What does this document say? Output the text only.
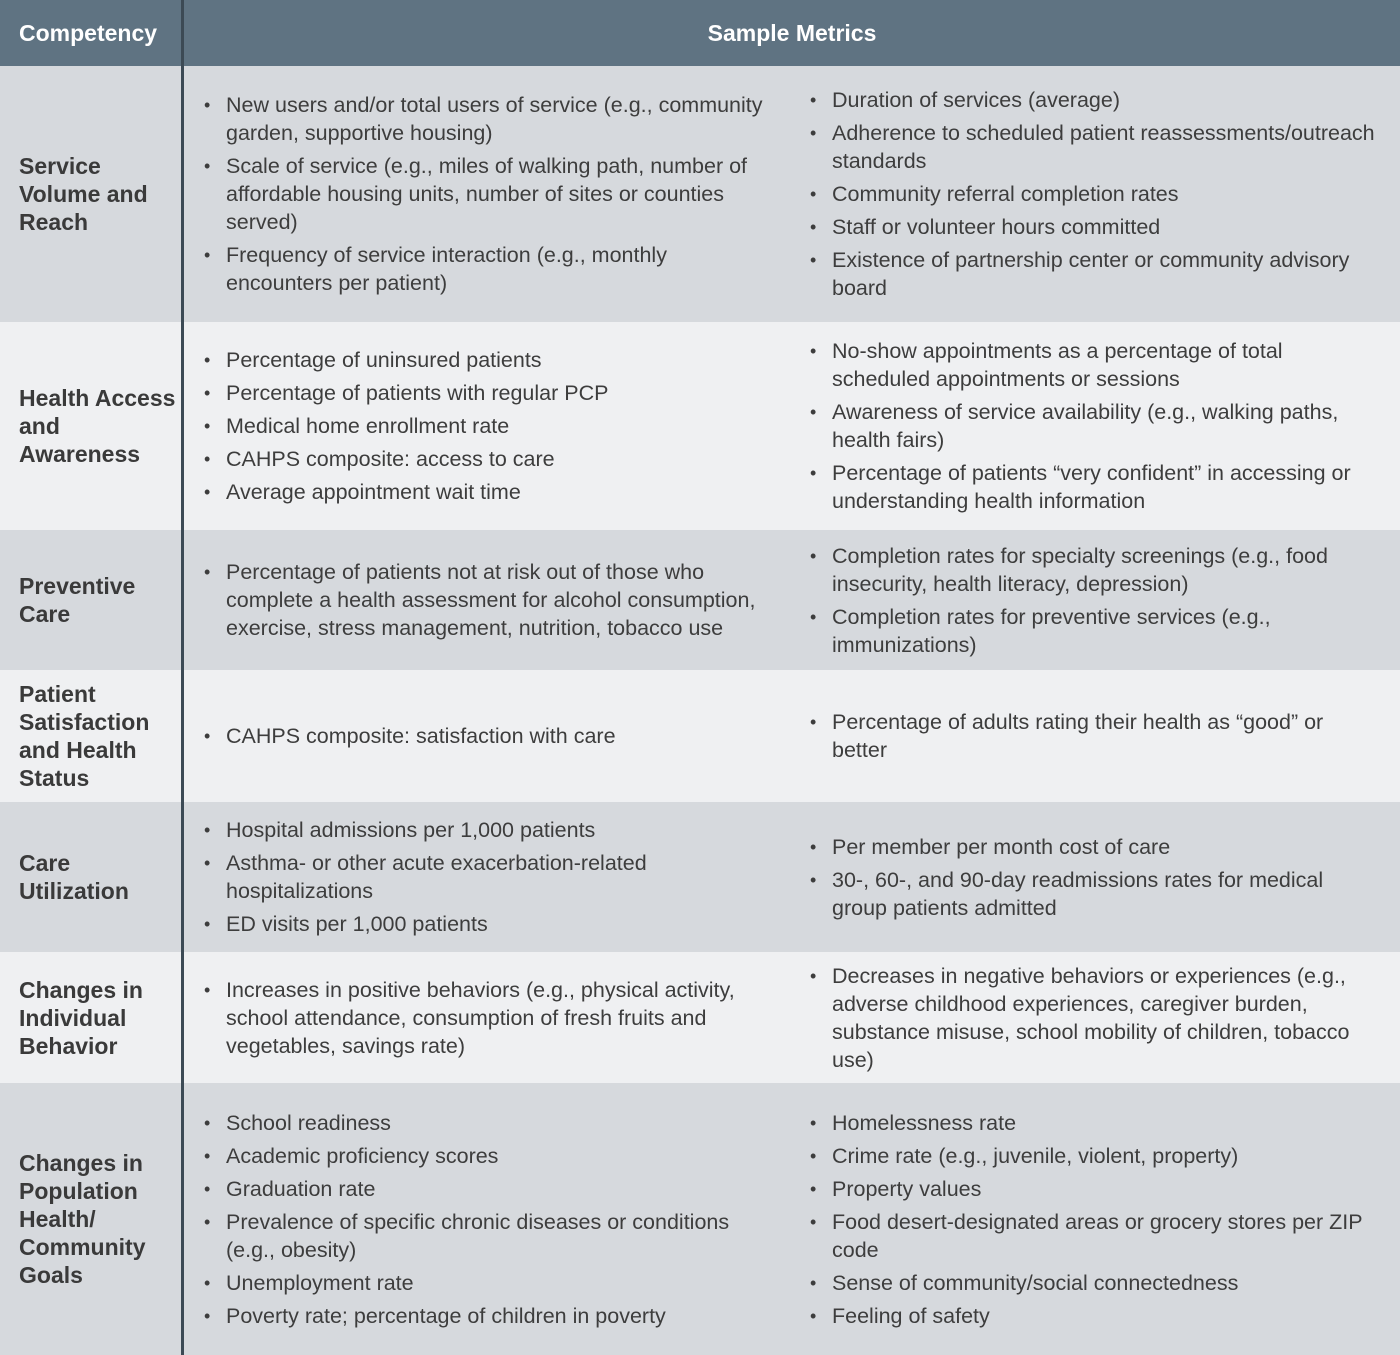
Competency	Sample Metrics
Service Volume and Reach
• New users and/or total users of service (e.g., community garden, supportive housing)
• Scale of service (e.g., miles of walking path, number of affordable housing units, number of sites or counties served)
• Frequency of service interaction (e.g., monthly encounters per patient)
• Duration of services (average)
• Adherence to scheduled patient reassessments/outreach standards
• Community referral completion rates
• Staff or volunteer hours committed
• Existence of partnership center or community advisory board
Health Access and Awareness
• Percentage of uninsured patients
• Percentage of patients with regular PCP
• Medical home enrollment rate
• CAHPS composite: access to care
• Average appointment wait time
• No-show appointments as a percentage of total scheduled appointments or sessions
• Awareness of service availability (e.g., walking paths, health fairs)
• Percentage of patients “very confident” in accessing or understanding health information
Preventive Care
• Percentage of patients not at risk out of those who complete a health assessment for alcohol consumption, exercise, stress management, nutrition, tobacco use
• Completion rates for specialty screenings (e.g., food insecurity, health literacy, depression)
• Completion rates for preventive services (e.g., immunizations)
Patient Satisfaction and Health Status
• CAHPS composite: satisfaction with care
• Percentage of adults rating their health as “good” or better
Care Utilization
• Hospital admissions per 1,000 patients
• Asthma- or other acute exacerbation-related hospitalizations
• ED visits per 1,000 patients
• Per member per month cost of care
• 30-, 60-, and 90-day readmissions rates for medical group patients admitted
Changes in Individual Behavior
• Increases in positive behaviors (e.g., physical activity, school attendance, consumption of fresh fruits and vegetables, savings rate)
• Decreases in negative behaviors or experiences (e.g., adverse childhood experiences, caregiver burden, substance misuse, school mobility of children, tobacco use)
Changes in Population Health/ Community Goals
• School readiness
• Academic proficiency scores
• Graduation rate
• Prevalence of specific chronic diseases or conditions (e.g., obesity)
• Unemployment rate
• Poverty rate; percentage of children in poverty
• Homelessness rate
• Crime rate (e.g., juvenile, violent, property)
• Property values
• Food desert-designated areas or grocery stores per ZIP code
• Sense of community/social connectedness
• Feeling of safety
